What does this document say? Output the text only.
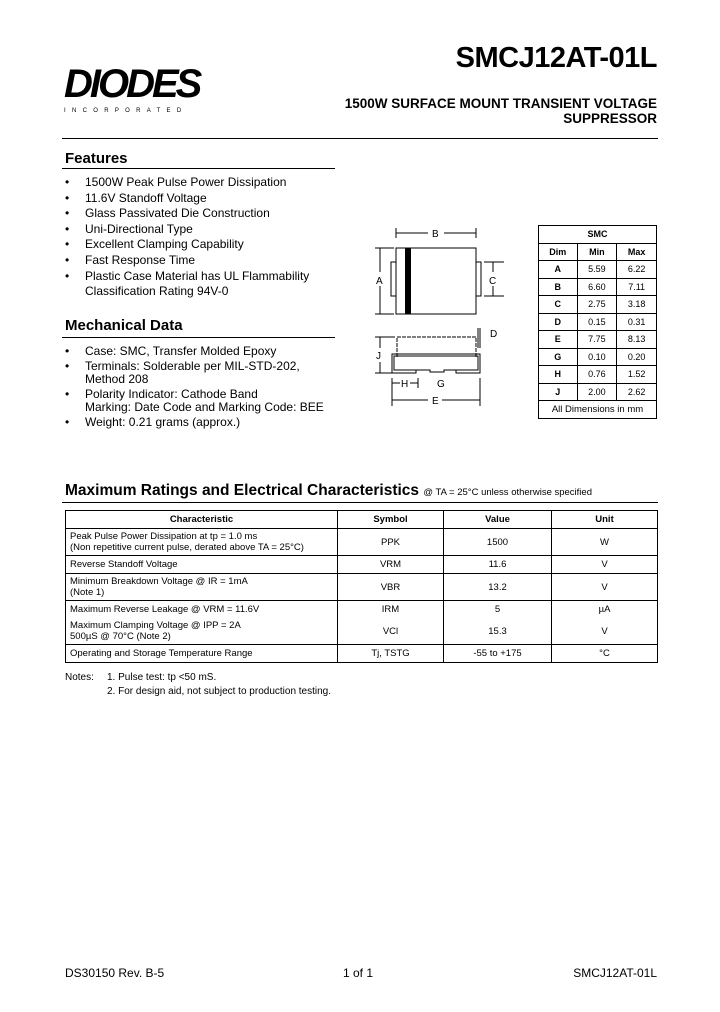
DIODES
INCORPORATED
SMCJ12AT-01L
1500W SURFACE MOUNT TRANSIENT VOLTAGE
SUPPRESSOR
Features
• 1500W Peak Pulse Power Dissipation
• 11.6V Standoff Voltage
• Glass Passivated Die Construction
• Uni-Directional Type
• Excellent Clamping Capability
• Fast Response Time
• Plastic Case Material has UL Flammability Classification Rating 94V-0
Mechanical Data
• Case: SMC, Transfer Molded Epoxy
• Terminals: Solderable per MIL-STD-202, Method 208
• Polarity Indicator: Cathode Band
Marking: Date Code and Marking Code: BEE
• Weight: 0.21 grams (approx.)
B
A	C
D
J
G
H
E
SMC		
Dim	Min	Max
A	5.59	6.22
B	6.60	7.11
C	2.75	3.18
D	0.15	0.31
E	7.75	8.13
G	0.10	0.20
H	0.76	1.52
J	2.00	2.62
All Dimensions in mm		
Maximum Ratings and Electrical Characteristics @ TA = 25°C unless otherwise specified
Characteristic	Symbol	Value	Unit

Peak Pulse Power Dissipation at tp = 1.0 ms
(Non repetitive current pulse, derated above TA = 25°C)	PPK	1500	W

Reverse Standoff Voltage	VRM	11.6	V

Minimum Breakdown Voltage @ IR = 1mA
(Note 1)	VBR	13.2	V

Maximum Reverse Leakage @ VRM = 11.6V	IRM	5	µA

Maximum Clamping Voltage @ IPP = 2A
500µS @ 70°C (Note 2)	VCl	15.3	V

Operating and Storage Temperature Range	Tj, TSTG	-55 to +175	°C
Notes:	1. Pulse test: tp <50 mS.
2. For design aid, not subject to production testing.
DS30150 Rev. B-5	1 of 1	SMCJ12AT-01L
